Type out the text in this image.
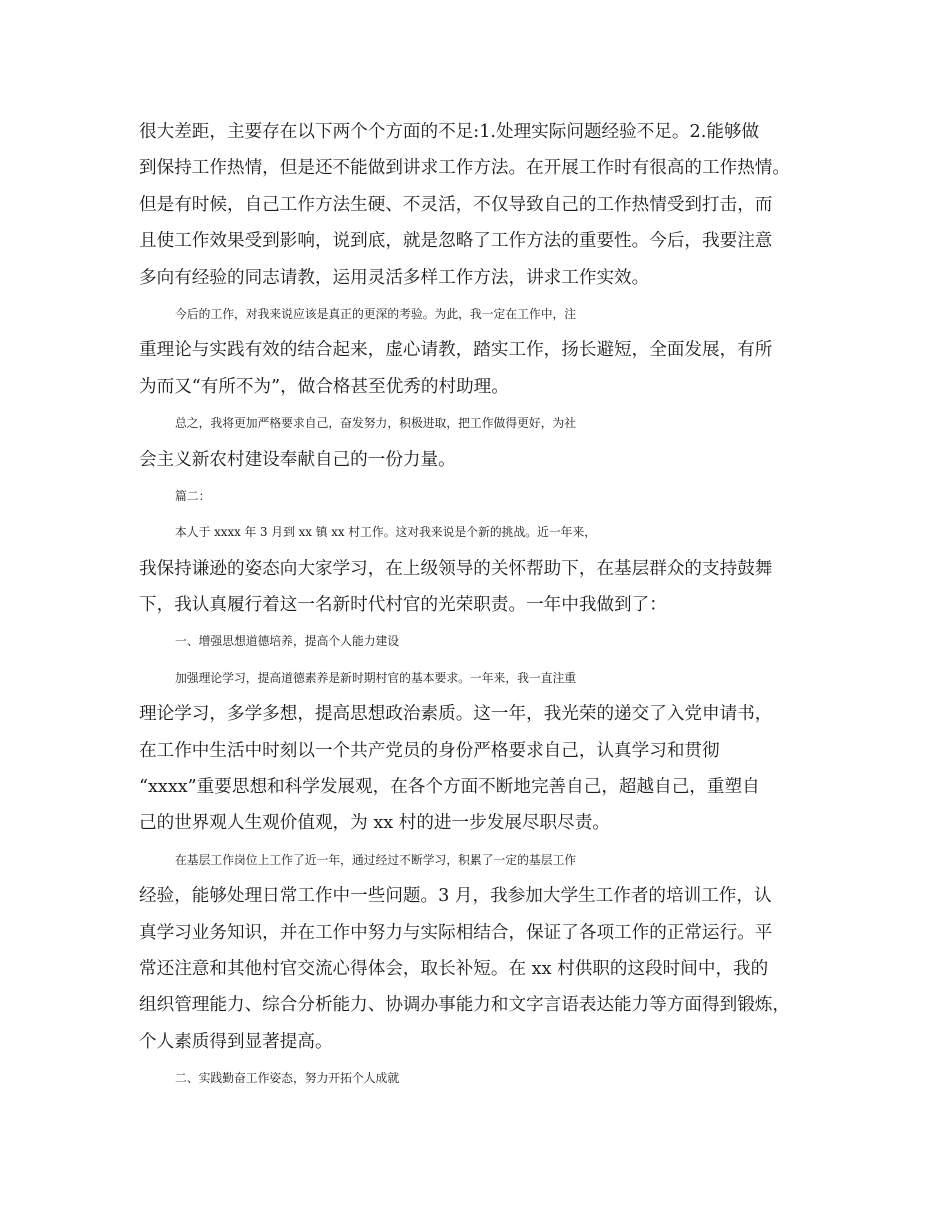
很大差距，主要存在以下两个个方面的不足:1.处理实际问题经验不足。2.能够做
到保持工作热情，但是还不能做到讲求工作方法。在开展工作时有很高的工作热情。
但是有时候，自己工作方法生硬、不灵活，不仅导致自己的工作热情受到打击，而
且使工作效果受到影响，说到底，就是忽略了工作方法的重要性。今后，我要注意
多向有经验的同志请教，运用灵活多样工作方法，讲求工作实效。
今后的工作，对我来说应该是真正的更深的考验。为此，我一定在工作中，注
重理论与实践有效的结合起来，虚心请教，踏实工作，扬长避短，全面发展，有所
为而又“有所不为”，做合格甚至优秀的村助理。
总之，我将更加严格要求自己，奋发努力，积极进取，把工作做得更好，为社
会主义新农村建设奉献自己的一份力量。
篇二：
本人于 xxxx 年 3 月到 xx 镇 xx 村工作。这对我来说是个新的挑战。近一年来，
我保持谦逊的姿态向大家学习，在上级领导的关怀帮助下，在基层群众的支持鼓舞
下，我认真履行着这一名新时代村官的光荣职责。一年中我做到了：
一、增强思想道德培养，提高个人能力建设
加强理论学习，提高道德素养是新时期村官的基本要求。一年来，我一直注重
理论学习，多学多想，提高思想政治素质。这一年，我光荣的递交了入党申请书，
在工作中生活中时刻以一个共产党员的身份严格要求自己，认真学习和贯彻
“xxxx”重要思想和科学发展观，在各个方面不断地完善自己，超越自己，重塑自
己的世界观人生观价值观，为 xx 村的进一步发展尽职尽责。
在基层工作岗位上工作了近一年，通过经过不断学习，积累了一定的基层工作
经验，能够处理日常工作中一些问题。3 月，我参加大学生工作者的培训工作，认
真学习业务知识，并在工作中努力与实际相结合，保证了各项工作的正常运行。平
常还注意和其他村官交流心得体会，取长补短。在 xx 村供职的这段时间中，我的
组织管理能力、综合分析能力、协调办事能力和文字言语表达能力等方面得到锻炼，
个人素质得到显著提高。
二、实践勤奋工作姿态，努力开拓个人成就
